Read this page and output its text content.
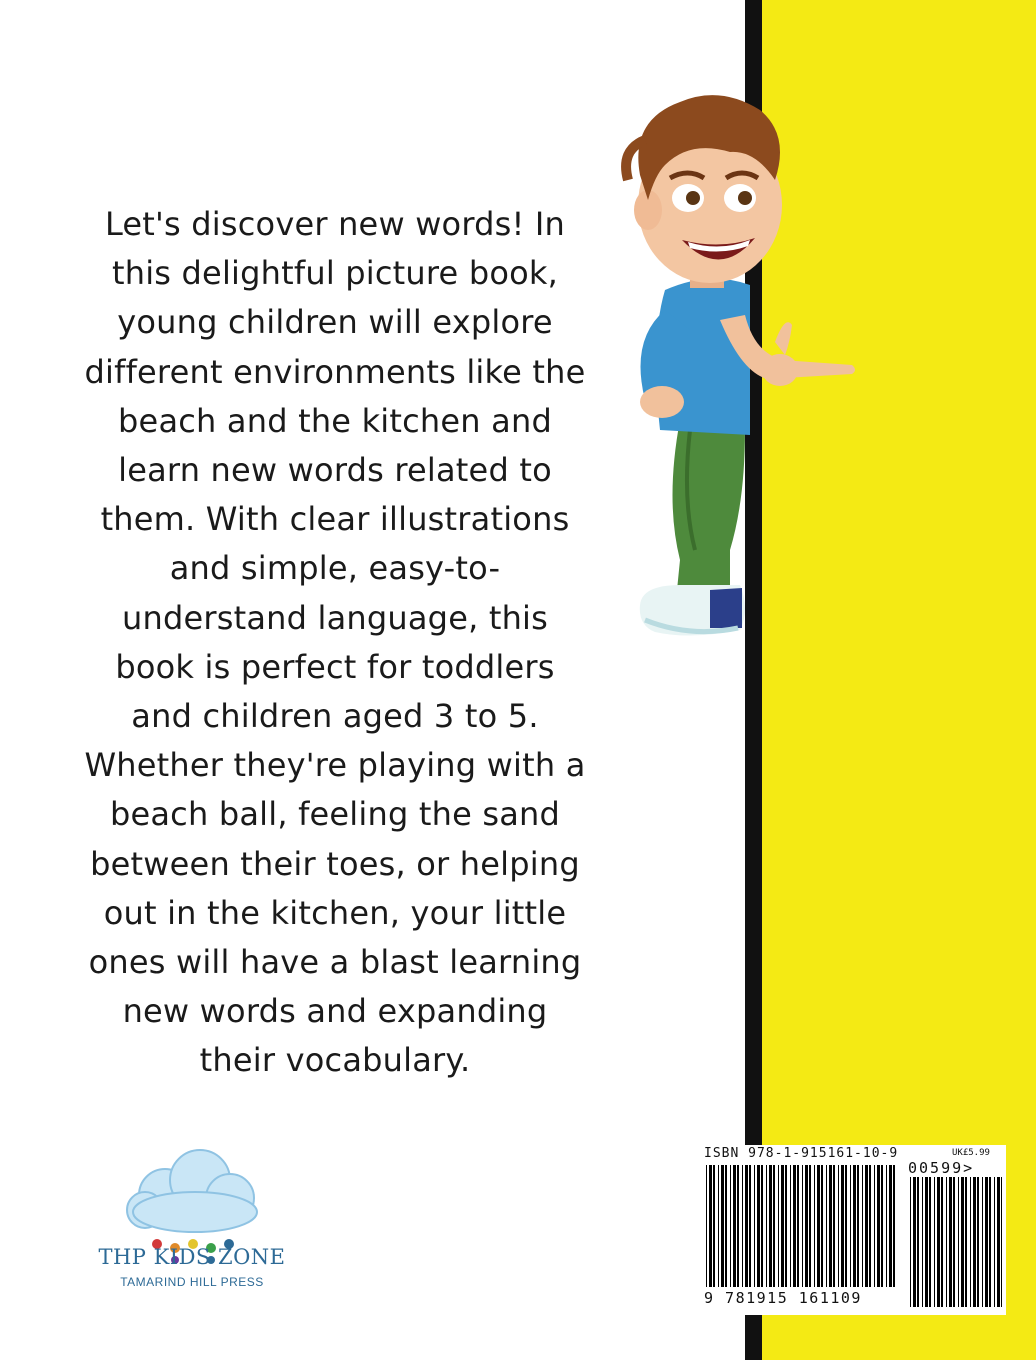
Let's discover new words! In
this delightful picture book,
young children will explore
different environments like the
beach and the kitchen and
learn new words related to
them. With clear illustrations
and simple, easy-to-
understand language, this
book is perfect for toddlers
and children aged 3 to 5.
Whether they're playing with a
beach ball, feeling the sand
between their toes, or helping
out in the kitchen, your little
ones will have a blast learning
new words and expanding
their vocabulary.
THP KIDS ZONE
TAMARIND HILL PRESS
ISBN 978-1-915161-10-9	UK£5.99
00599>
9 781915 161109
